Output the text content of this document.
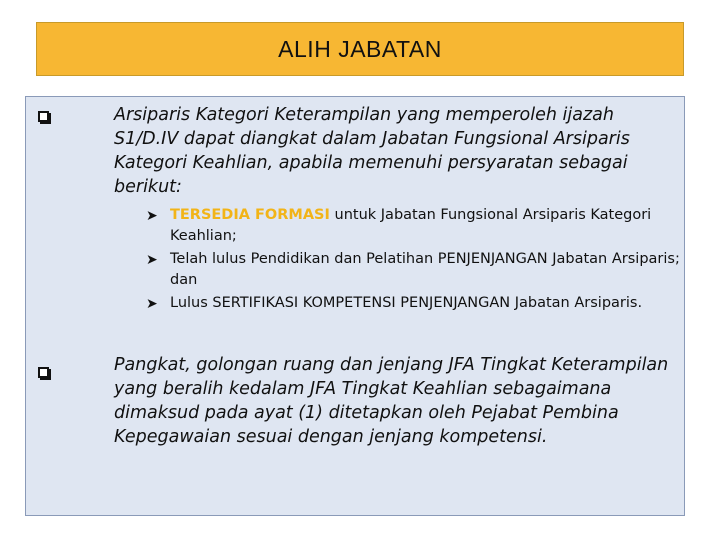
ALIH JABATAN
Arsiparis Kategori Keterampilan yang memperoleh ijazah S1/D.IV dapat diangkat dalam Jabatan Fungsional Arsiparis Kategori Keahlian, apabila memenuhi persyaratan sebagai berikut:
➤ TERSEDIA FORMASI untuk Jabatan Fungsional Arsiparis Kategori Keahlian;
➤ Telah lulus Pendidikan dan Pelatihan PENJENJANGAN Jabatan Arsiparis; dan
➤ Lulus SERTIFIKASI KOMPETENSI PENJENJANGAN Jabatan Arsiparis.
Pangkat, golongan ruang dan jenjang JFA Tingkat Keterampilan yang beralih kedalam JFA Tingkat Keahlian sebagaimana dimaksud pada ayat (1) ditetapkan oleh Pejabat Pembina Kepegawaian sesuai dengan jenjang kompetensi.
